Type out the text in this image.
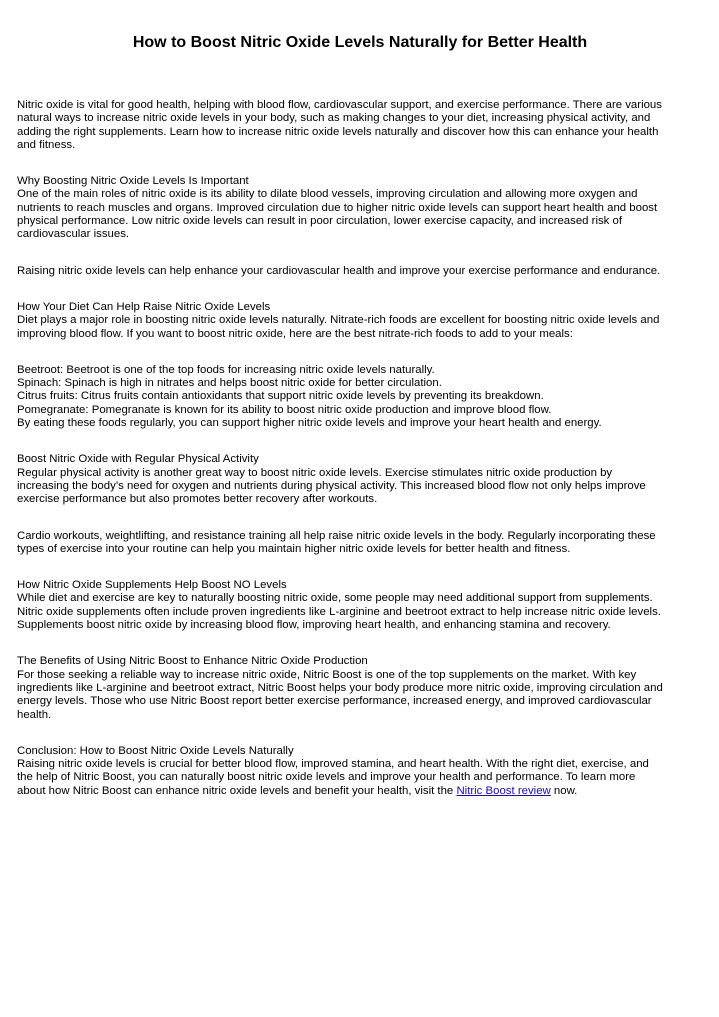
How to Boost Nitric Oxide Levels Naturally for Better Health

Nitric oxide is vital for good health, helping with blood flow, cardiovascular support, and exercise performance. There are various
natural ways to increase nitric oxide levels in your body, such as making changes to your diet, increasing physical activity, and
adding the right supplements. Learn how to increase nitric oxide levels naturally and discover how this can enhance your health
and fitness.

Why Boosting Nitric Oxide Levels Is Important
One of the main roles of nitric oxide is its ability to dilate blood vessels, improving circulation and allowing more oxygen and
nutrients to reach muscles and organs. Improved circulation due to higher nitric oxide levels can support heart health and boost
physical performance. Low nitric oxide levels can result in poor circulation, lower exercise capacity, and increased risk of
cardiovascular issues.

Raising nitric oxide levels can help enhance your cardiovascular health and improve your exercise performance and endurance.

How Your Diet Can Help Raise Nitric Oxide Levels
Diet plays a major role in boosting nitric oxide levels naturally. Nitrate-rich foods are excellent for boosting nitric oxide levels and
improving blood flow. If you want to boost nitric oxide, here are the best nitrate-rich foods to add to your meals:

Beetroot: Beetroot is one of the top foods for increasing nitric oxide levels naturally.
Spinach: Spinach is high in nitrates and helps boost nitric oxide for better circulation.
Citrus fruits: Citrus fruits contain antioxidants that support nitric oxide levels by preventing its breakdown.
Pomegranate: Pomegranate is known for its ability to boost nitric oxide production and improve blood flow.
By eating these foods regularly, you can support higher nitric oxide levels and improve your heart health and energy.

Boost Nitric Oxide with Regular Physical Activity
Regular physical activity is another great way to boost nitric oxide levels. Exercise stimulates nitric oxide production by
increasing the body’s need for oxygen and nutrients during physical activity. This increased blood flow not only helps improve
exercise performance but also promotes better recovery after workouts.

Cardio workouts, weightlifting, and resistance training all help raise nitric oxide levels in the body. Regularly incorporating these
types of exercise into your routine can help you maintain higher nitric oxide levels for better health and fitness.

How Nitric Oxide Supplements Help Boost NO Levels
While diet and exercise are key to naturally boosting nitric oxide, some people may need additional support from supplements.
Nitric oxide supplements often include proven ingredients like L-arginine and beetroot extract to help increase nitric oxide levels.
Supplements boost nitric oxide by increasing blood flow, improving heart health, and enhancing stamina and recovery.

The Benefits of Using Nitric Boost to Enhance Nitric Oxide Production
For those seeking a reliable way to increase nitric oxide, Nitric Boost is one of the top supplements on the market. With key
ingredients like L-arginine and beetroot extract, Nitric Boost helps your body produce more nitric oxide, improving circulation and
energy levels. Those who use Nitric Boost report better exercise performance, increased energy, and improved cardiovascular
health.

Conclusion: How to Boost Nitric Oxide Levels Naturally
Raising nitric oxide levels is crucial for better blood flow, improved stamina, and heart health. With the right diet, exercise, and
the help of Nitric Boost, you can naturally boost nitric oxide levels and improve your health and performance. To learn more
about how Nitric Boost can enhance nitric oxide levels and benefit your health, visit the Nitric Boost review now.
